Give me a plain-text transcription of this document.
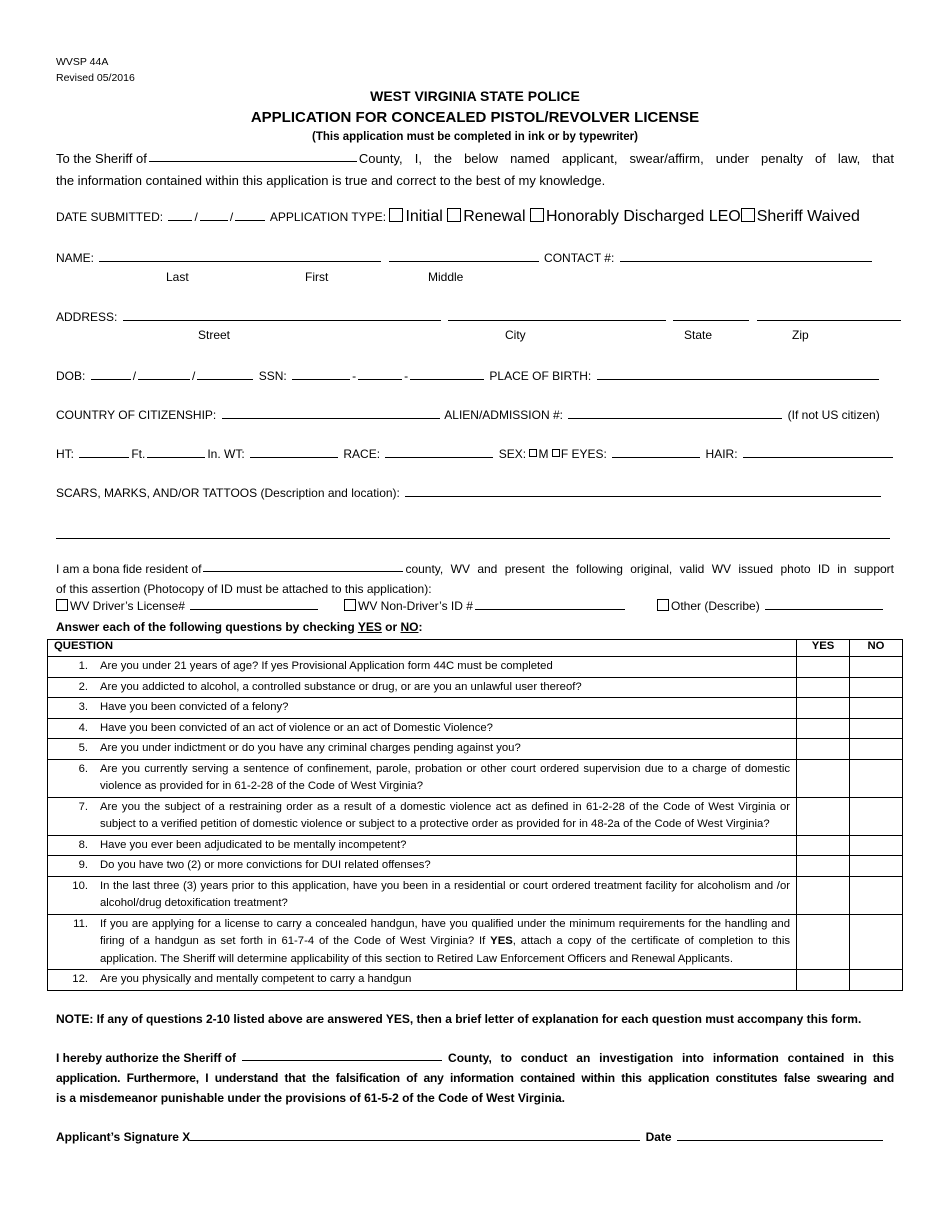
WVSP 44A
Revised 05/2016
WEST VIRGINIA STATE POLICE
APPLICATION FOR CONCEALED PISTOL/REVOLVER LICENSE
(This application must be completed in ink or by typewriter)
To the Sheriff of	County, I, the below named applicant, swear/affirm, under penalty of law, that
the information contained within this application is true and correct to the best of my knowledge.
DATE SUBMITTED:	/	/	APPLICATION TYPE: Initial Renewal Honorably Discharged LEO Sheriff Waived
NAME:	CONTACT #:
Last	First	Middle
ADDRESS:
Street	City	State	Zip
DOB:	/	/	SSN:	-	-	PLACE OF BIRTH:
COUNTRY OF CITIZENSHIP:	ALIEN/ADMISSION #:	(If not US citizen)
HT:	Ft.	In. WT:	RACE:	SEX: M F EYES:	HAIR:
SCARS, MARKS, AND/OR TATTOOS (Description and location):
I am a bona fide resident of	county, WV and present the following original, valid WV issued photo ID in support
of this assertion (Photocopy of ID must be attached to this application):
WV Driver’s License#	WV Non-Driver’s ID #	Other (Describe)
Answer each of the following questions by checking YES or NO:
QUESTION	YES	NO

1. Are you under 21 years of age? If yes Provisional Application form 44C must be completed		

2. Are you addicted to alcohol, a controlled substance or drug, or are you an unlawful user thereof?		

3. Have you been convicted of a felony?		

4. Have you been convicted of an act of violence or an act of Domestic Violence?		

5. Are you under indictment or do you have any criminal charges pending against you?		

6. Are you currently serving a sentence of confinement, parole, probation or other court ordered supervision due to a charge of domestic violence as provided for in 61-2-28 of the Code of West Virginia?		

7. Are you the subject of a restraining order as a result of a domestic violence act as defined in 61-2-28 of the Code of West Virginia or subject to a verified petition of domestic violence or subject to a protective order as provided for in 48-2a of the Code of West Virginia?		

8. Have you ever been adjudicated to be mentally incompetent?		

9. Do you have two (2) or more convictions for DUI related offenses?		

10. In the last three (3) years prior to this application, have you been in a residential or court ordered treatment facility for alcoholism and /or alcohol/drug detoxification treatment?		

11. If you are applying for a license to carry a concealed handgun, have you qualified under the minimum requirements for the handling and firing of a handgun as set forth in 61-7-4 of the Code of West Virginia? If YES, attach a copy of the certificate of completion to this application. The Sheriff will determine applicability of this section to Retired Law Enforcement Officers and Renewal Applicants.		

12. Are you physically and mentally competent to carry a handgun		

NOTE: If any of questions 2-10 listed above are answered YES, then a brief letter of explanation for each question must accompany this form.
I hereby authorize the Sheriff of	County, to conduct an investigation into information contained in this
application. Furthermore, I understand that the falsification of any information contained within this application constitutes false swearing and
is a misdemeanor punishable under the provisions of 61-5-2 of the Code of West Virginia.
Applicant’s Signature X	Date
